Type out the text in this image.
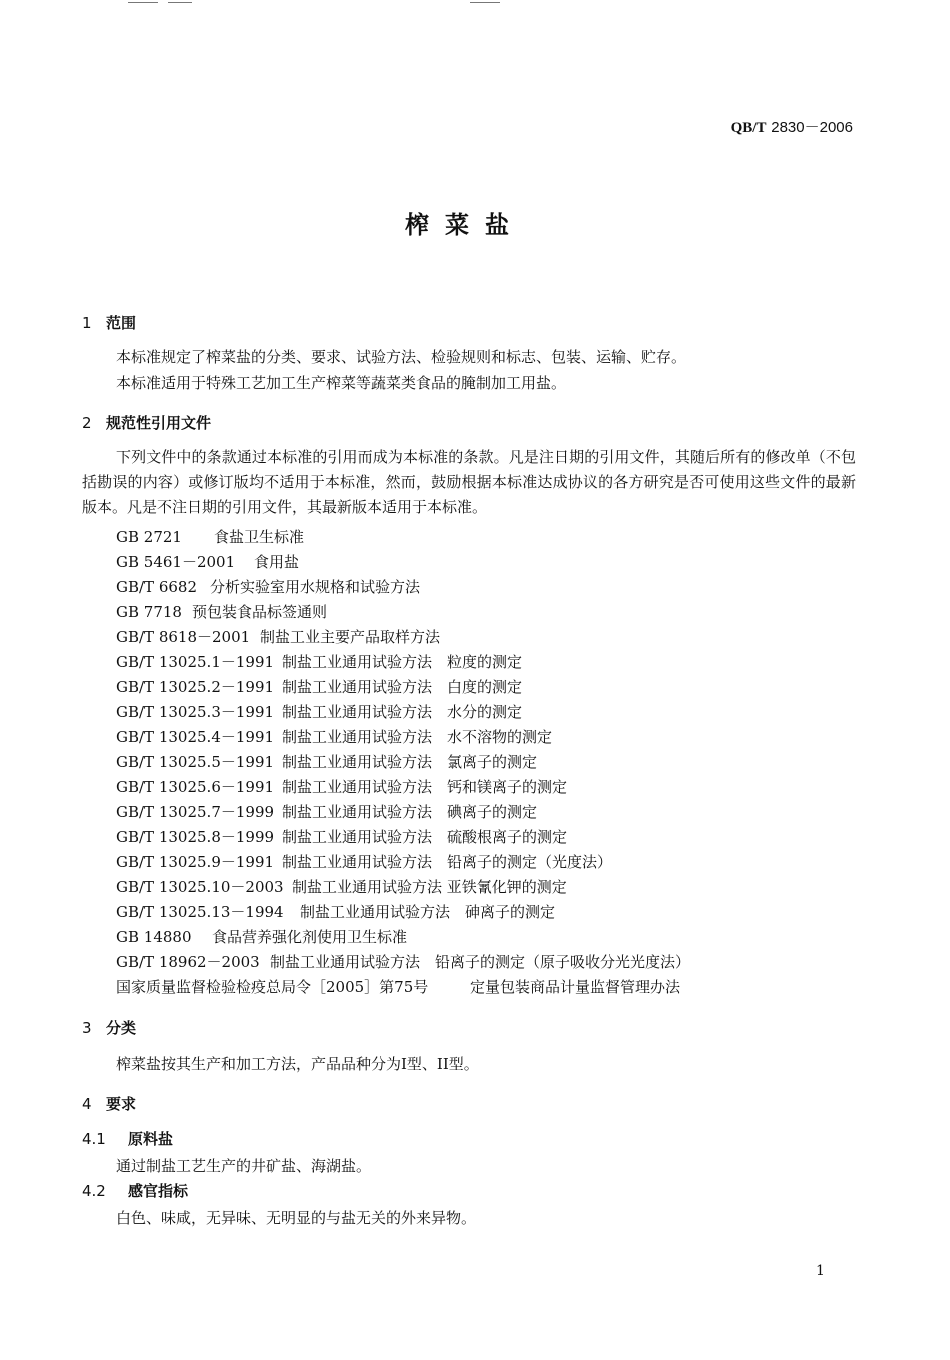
QB/T 2830－2006
榨菜盐
1 范围
本标准规定了榨菜盐的分类、要求、试验方法、检验规则和标志、包装、运输、贮存。
本标准适用于特殊工艺加工生产榨菜等蔬菜类食品的腌制加工用盐。
2 规范性引用文件
下列文件中的条款通过本标准的引用而成为本标准的条款。凡是注日期的引用文件，其随后所有的修改单（不包括勘误的内容）或修订版均不适用于本标准，然而，鼓励根据本标准达成协议的各方研究是否可使用这些文件的最新版本。凡是不注日期的引用文件，其最新版本适用于本标准。
GB 2721 食盐卫生标准
GB 5461－2001 食用盐
GB/T 6682 分析实验室用水规格和试验方法
GB 7718 预包装食品标签通则
GB/T 8618－2001 制盐工业主要产品取样方法
GB/T 13025.1－1991 制盐工业通用试验方法　粒度的测定
GB/T 13025.2－1991 制盐工业通用试验方法　白度的测定
GB/T 13025.3－1991 制盐工业通用试验方法　水分的测定
GB/T 13025.4－1991 制盐工业通用试验方法　水不溶物的测定
GB/T 13025.5－1991 制盐工业通用试验方法　氯离子的测定
GB/T 13025.6－1991 制盐工业通用试验方法　钙和镁离子的测定
GB/T 13025.7－1999 制盐工业通用试验方法　碘离子的测定
GB/T 13025.8－1999 制盐工业通用试验方法　硫酸根离子的测定
GB/T 13025.9－1991 制盐工业通用试验方法　铅离子的测定（光度法）
GB/T 13025.10－2003 制盐工业通用试验方法 亚铁氰化钾的测定
GB/T 13025.13－1994 制盐工业通用试验方法　砷离子的测定
GB 14880 食品营养强化剂使用卫生标准
GB/T 18962－2003 制盐工业通用试验方法　铅离子的测定（原子吸收分光光度法）
国家质量监督检验检疫总局令［2005］第75号	定量包装商品计量监督管理办法
3 分类
榨菜盐按其生产和加工方法，产品品种分为I型、II型。
4 要求
4.1 原料盐
通过制盐工艺生产的井矿盐、海湖盐。
4.2 感官指标
白色、味咸，无异味、无明显的与盐无关的外来异物。
1
